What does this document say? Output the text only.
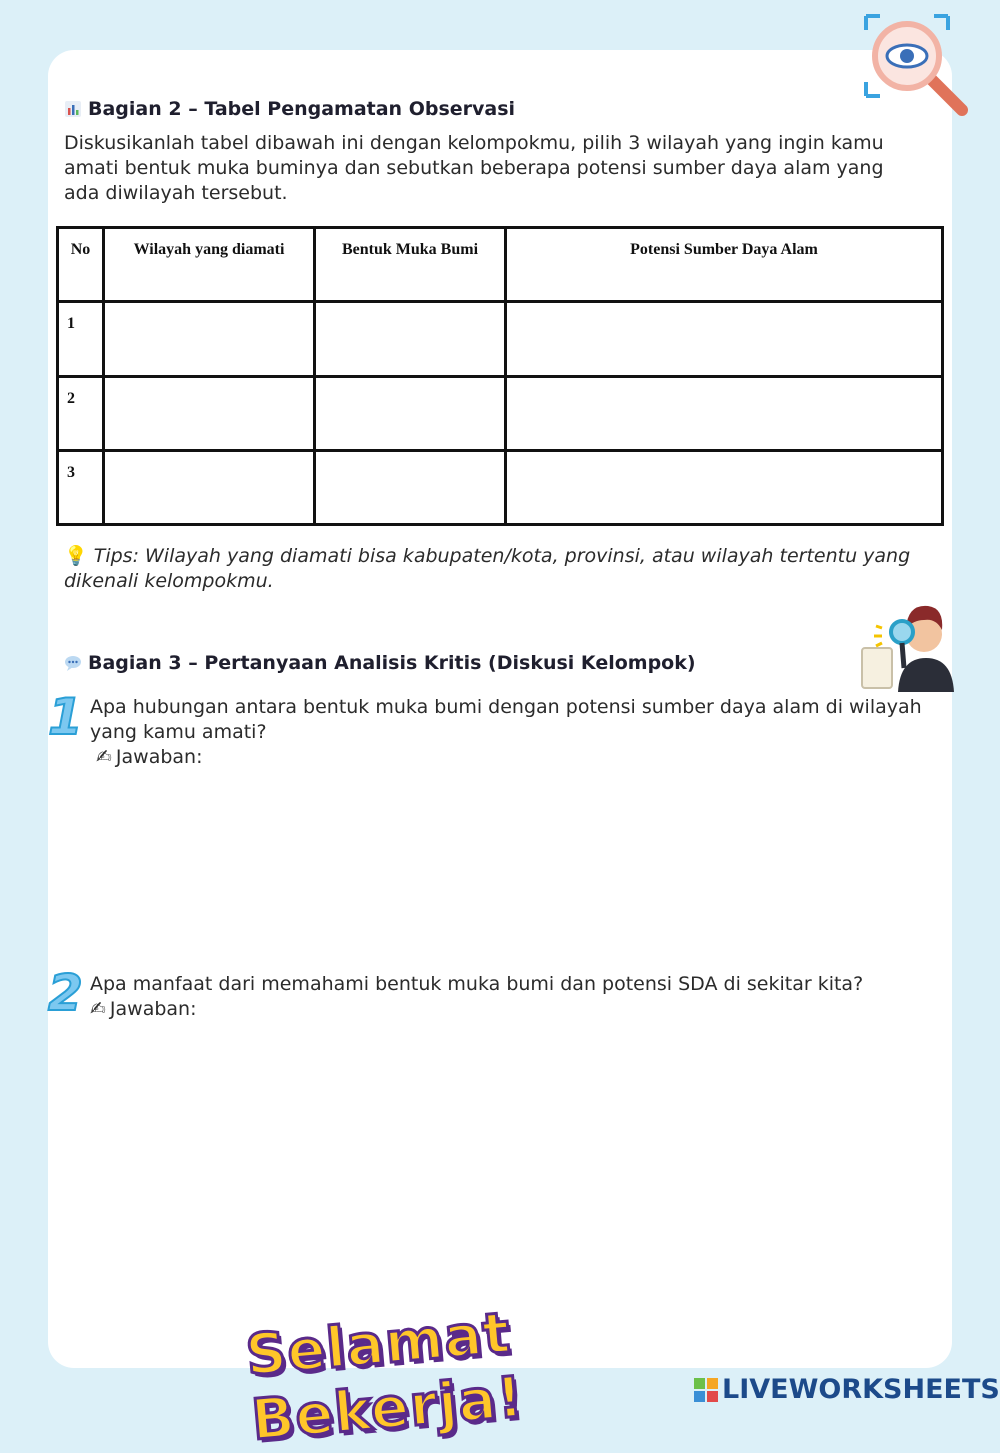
Bagian 2 – Tabel Pengamatan Observasi
Diskusikanlah tabel dibawah ini dengan kelompokmu, pilih 3 wilayah yang ingin kamu amati bentuk muka buminya dan sebutkan beberapa potensi sumber daya alam yang ada diwilayah tersebut.
No	Wilayah yang diamati	Bentuk Muka Bumi	Potensi Sumber Daya Alam
1			
2			
3			
💡 Tips: Wilayah yang diamati bisa kabupaten/kota, provinsi, atau wilayah tertentu yang dikenali kelompokmu.
Bagian 3 – Pertanyaan Analisis Kritis (Diskusi Kelompok)
1 Apa hubungan antara bentuk muka bumi dengan potensi sumber daya alam di wilayah yang kamu amati?
✍ Jawaban:
2 Apa manfaat dari memahami bentuk muka bumi dan potensi SDA di sekitar kita?
✍ Jawaban:
Selamat Bekerja!	LIVEWORKSHEETS
